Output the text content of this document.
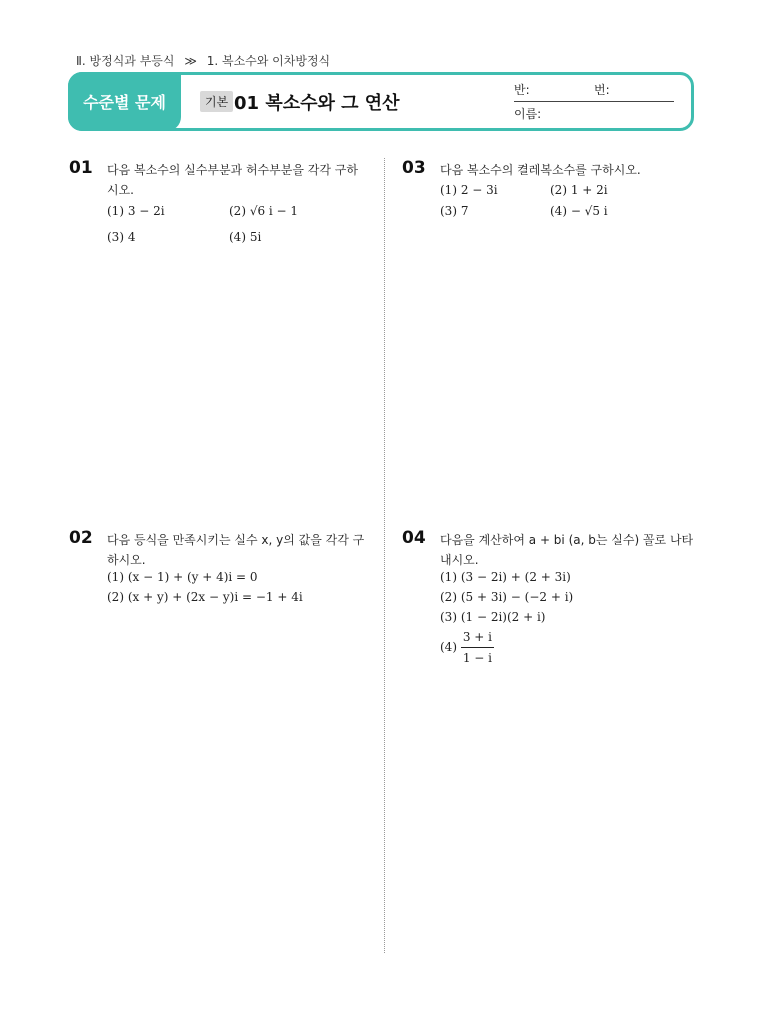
Ⅱ. 방정식과 부등식 ≫ 1. 복소수와 이차방정식
수준별 문제	기본 01 복소수와 그 연산
반:	번:
이름:
01 다음 복소수의 실수부분과 허수부분을 각각 구하시오.
(1) 3 − 2i	(2) √6 i − 1
(3) 4	(4) 5i
03 다음 복소수의 켤레복소수를 구하시오.
(1) 2 − 3i	(2) 1 + 2i
(3) 7	(4) − √5 i
02 다음 등식을 만족시키는 실수 x, y의 값을 각각 구하시오.
(1) (x − 1) + (y + 4)i = 0
(2) (x + y) + (2x − y)i = −1 + 4i
04 다음을 계산하여 a + bi (a, b는 실수) 꼴로 나타내시오.
(1) (3 − 2i) + (2 + 3i)
(2) (5 + 3i) − (−2 + i)
(3) (1 − 2i)(2 + i)
$(4) \frac{3 + i}{1 - i}$
